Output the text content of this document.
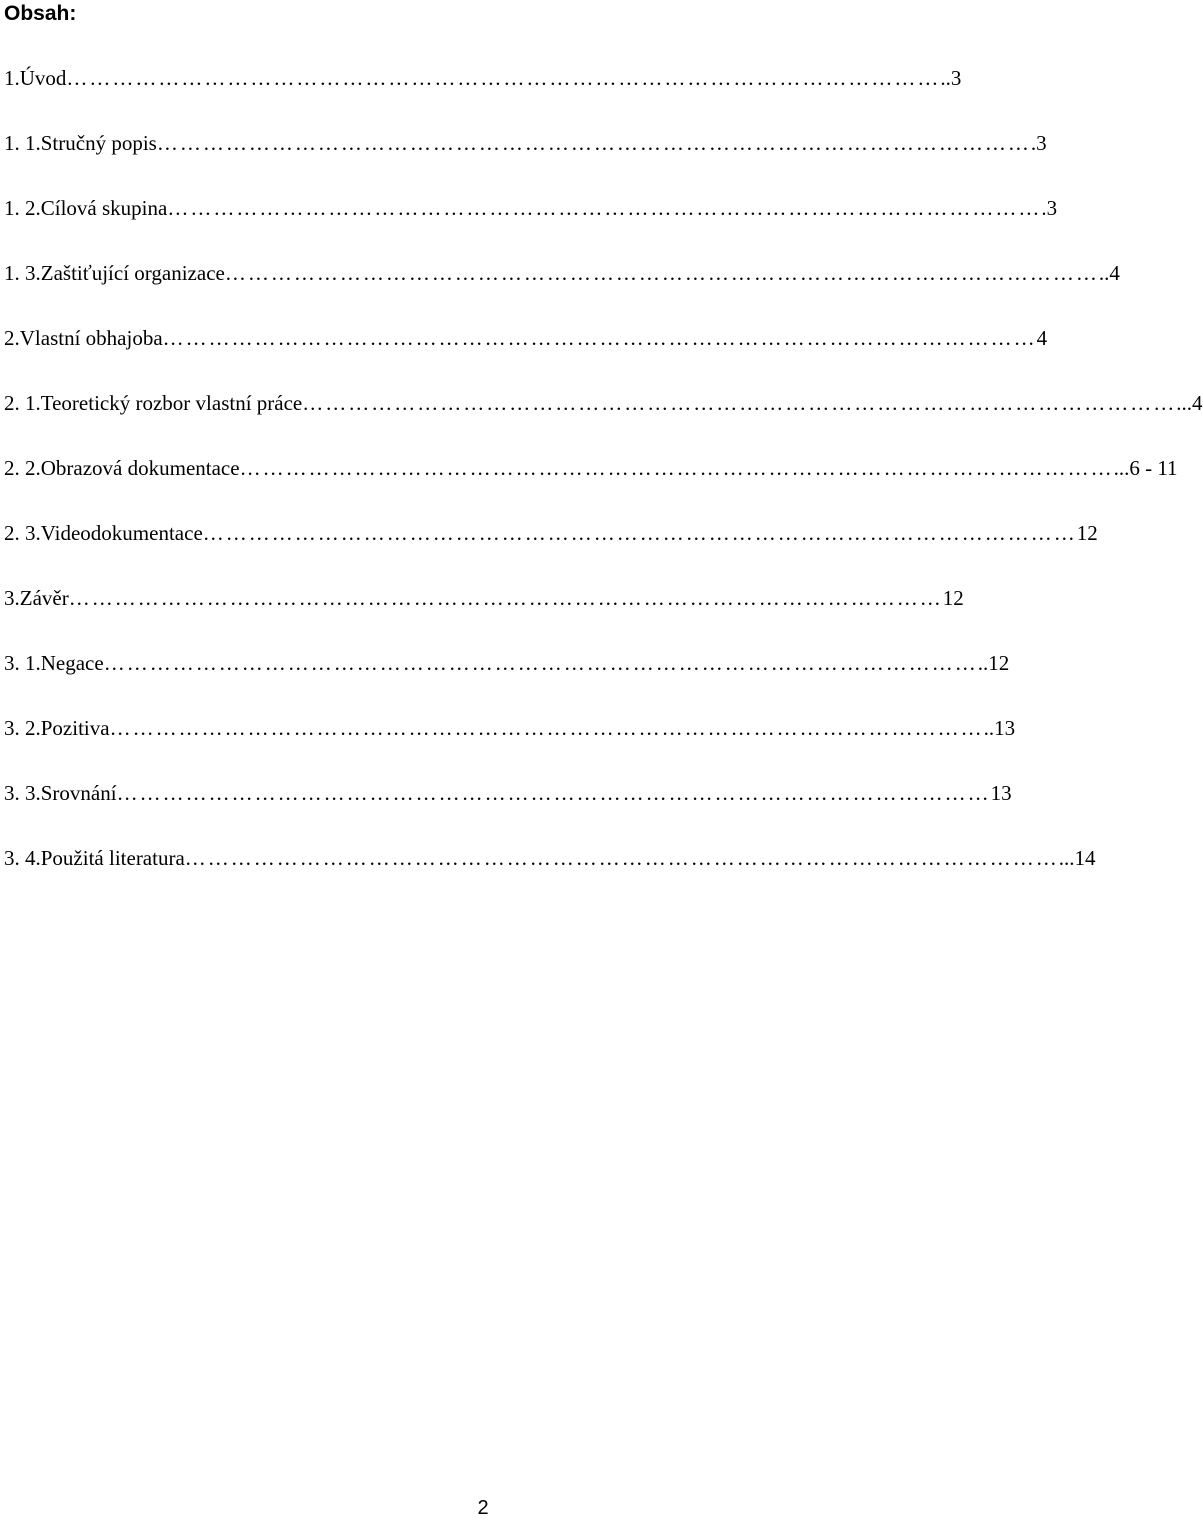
Obsah:
1. Úvod …………………………………………………………………………………………………… ..3
1. 1. Stručný popis …………………………………………………………………………………………………… .3
1. 2. Cílová skupina …………………………………………………………………………………………………… .3
1. 3. Zaštiťující organizace …………………………………………………………………………………………………… ..4
2. Vlastní obhajoba …………………………………………………………………………………………………… 4
2. 1. Teoretický rozbor vlastní práce …………………………………………………………………………………………………… ...4
2. 2. Obrazová dokumentace …………………………………………………………………………………………………… ...6 - 11
2. 3. Videodokumentace …………………………………………………………………………………………………… 12
3. Závěr …………………………………………………………………………………………………… 12
3. 1. Negace …………………………………………………………………………………………………… ..12
3. 2. Pozitiva …………………………………………………………………………………………………… ..13
3. 3. Srovnání …………………………………………………………………………………………………… 13
3. 4. Použitá literatura …………………………………………………………………………………………………… ...14
2
